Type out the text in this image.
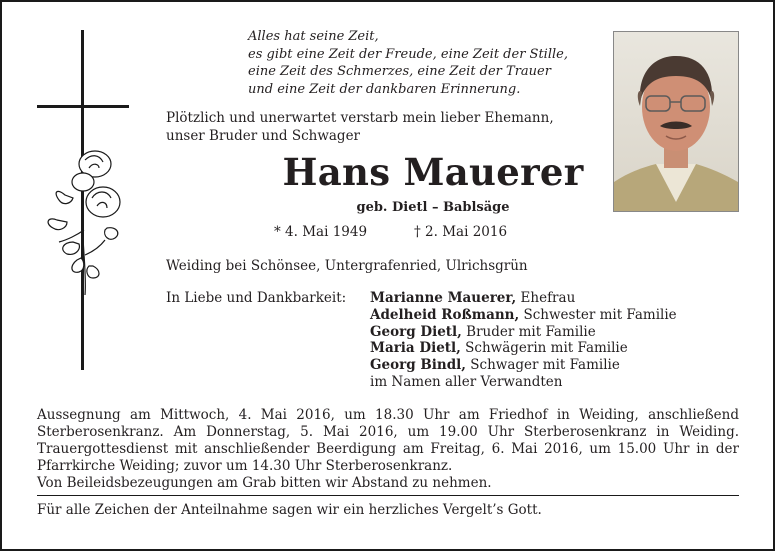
Alles hat seine Zeit,
es gibt eine Zeit der Freude, eine Zeit der Stille,
eine Zeit des Schmerzes, eine Zeit der Trauer
und eine Zeit der dankbaren Erinnerung.
Plötzlich und unerwartet verstarb mein lieber Ehemann,
unser Bruder und Schwager
Hans Mauerer
geb. Dietl – Bablsäge
* 4. Mai 1949	† 2. Mai 2016
Weiding bei Schönsee, Untergrafenried, Ulrichsgrün
In Liebe und Dankbarkeit: Marianne Mauerer, Ehefrau
Adelheid Roßmann, Schwester mit Familie
Georg Dietl, Bruder mit Familie
Maria Dietl, Schwägerin mit Familie
Georg Bindl, Schwager mit Familie
im Namen aller Verwandten
Aussegnung am Mittwoch, 4. Mai 2016, um 18.30 Uhr am Friedhof in Weiding, anschließend
Sterberosenkranz. Am Donnerstag, 5. Mai 2016, um 19.00 Uhr Sterberosenkranz in Weiding.
Trauergottesdienst mit anschließender Beerdigung am Freitag, 6. Mai 2016, um 15.00 Uhr in der
Pfarrkirche Weiding; zuvor um 14.30 Uhr Sterberosenkranz.
Von Beileidsbezeugungen am Grab bitten wir Abstand zu nehmen.
Für alle Zeichen der Anteilnahme sagen wir ein herzliches Vergelt’s Gott.
